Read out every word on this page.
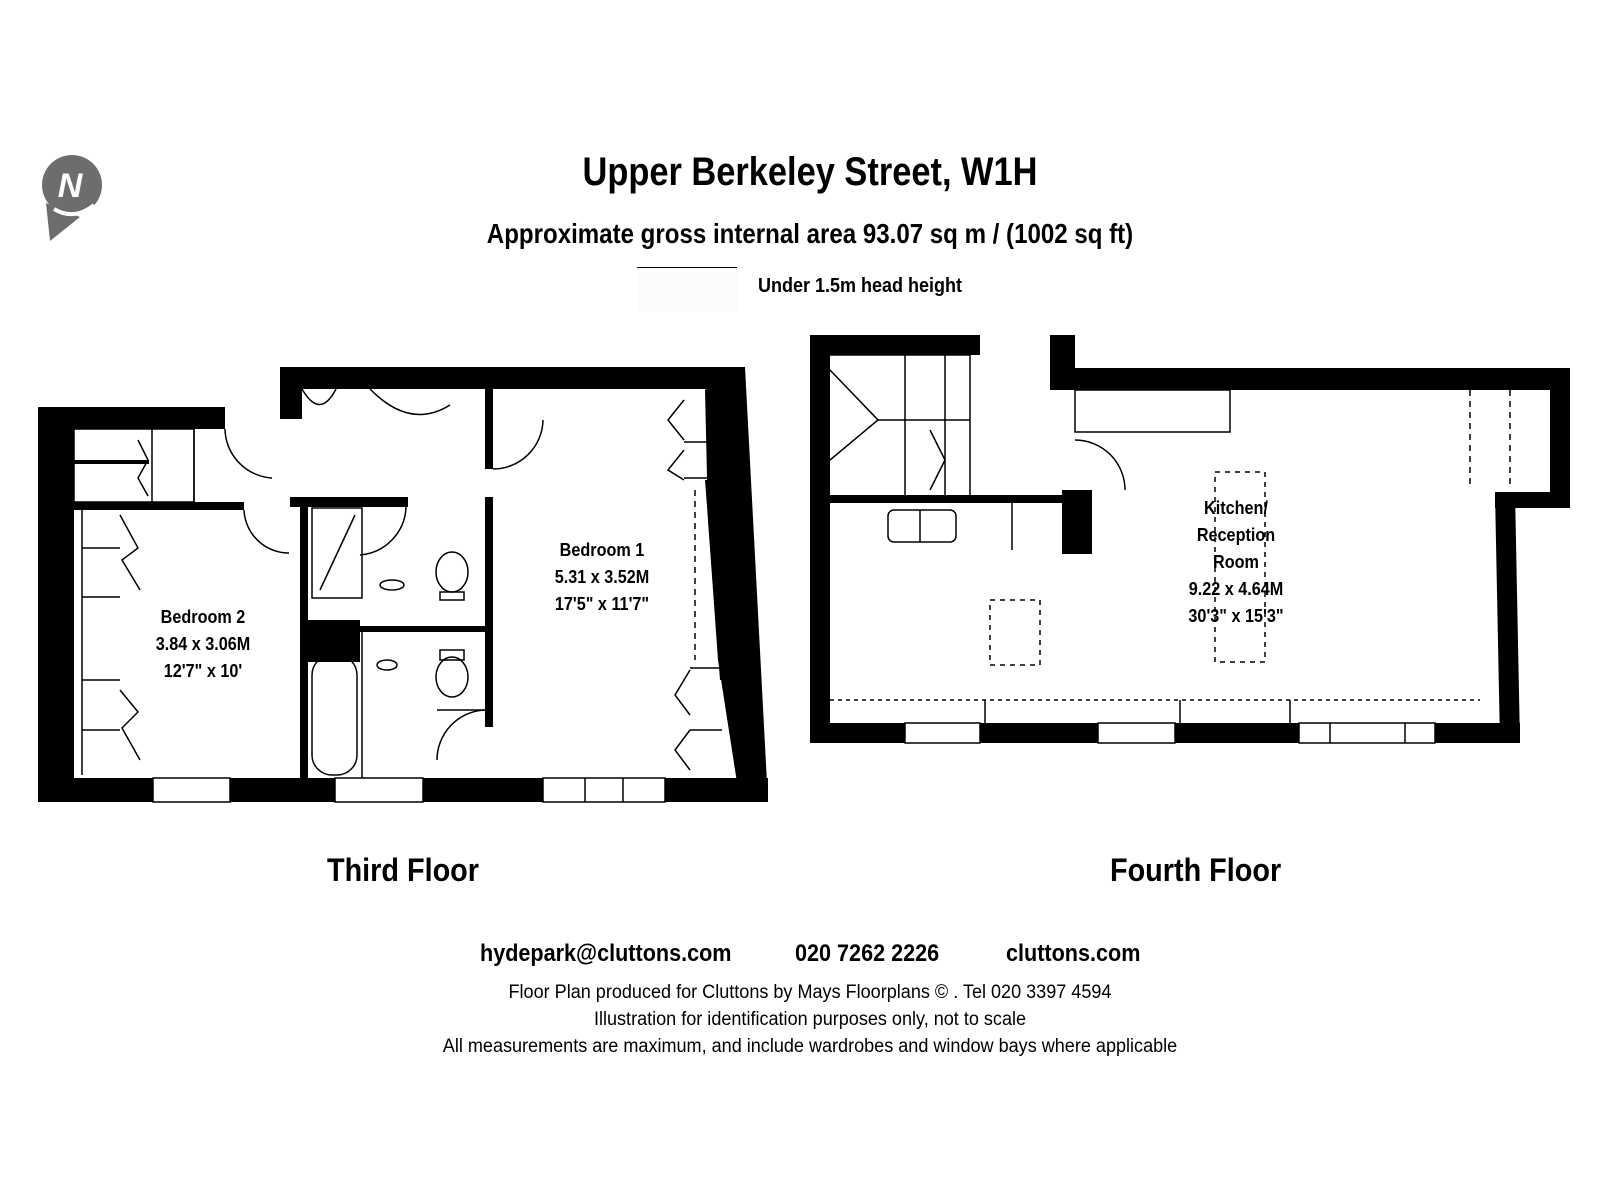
N	Upper Berkeley Street, W1H
Approximate gross internal area 93.07 sq m / (1002 sq ft)
Under 1.5m head height
Bedroom 2
3.84 x 3.06M
12'7" x 10'
Bedroom 1
5.31 x 3.52M
17'5" x 11'7"
Kitchen/
Reception
Room
9.22 x 4.64M
30'3" x 15'3"
Third Floor	Fourth Floor
hydepark@cluttons.com	020 7262 2226	cluttons.com
Floor Plan produced for Cluttons by Mays Floorplans © . Tel 020 3397 4594
Illustration for identification purposes only, not to scale
All measurements are maximum, and include wardrobes and window bays where applicable
